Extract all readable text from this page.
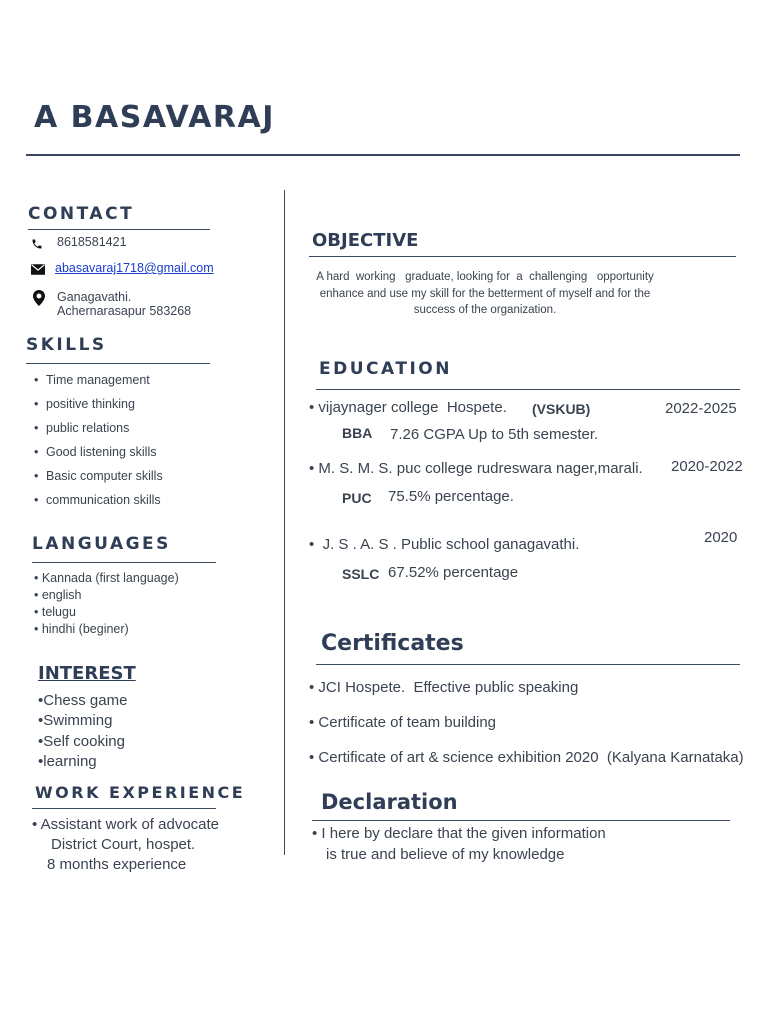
A BASAVARAJ
CONTACT
8618581421
abasavaraj1718@gmail.com
Ganagavathi.
Achernarasapur 583268
SKILLS
• Time management
• positive thinking
• public relations
• Good listening skills
• Basic computer skills
• communication skills
LANGUAGES
• Kannada (first language)
• english
• telugu
• hindhi (beginer)
INTEREST
•Chess game
•Swimming
•Self cooking
•learning
WORK EXPERIENCE
• Assistant work of advocate
District Court, hospet.
8 months experience
OBJECTIVE
A hard  working   graduate, looking for  a  challenging   opportunity
enhance and use my skill for the betterment of myself and for the
success of the organization.
EDUCATION
• vijaynager college  Hospete. (VSKUB)	2022-2025
BBA 7.26 CGPA Up to 5th semester.
• M. S. M. S. puc college rudreswara nager,marali. 2020-2022
PUC 75.5% percentage.
•  J. S . A. S . Public school ganagavathi.	2020
SSLC 67.52% percentage
Certificates
• JCI Hospete.  Effective public speaking
• Certificate of team building
• Certificate of art & science exhibition 2020  (Kalyana Karnataka)
Declaration
• I here by declare that the given information
is true and believe of my knowledge
